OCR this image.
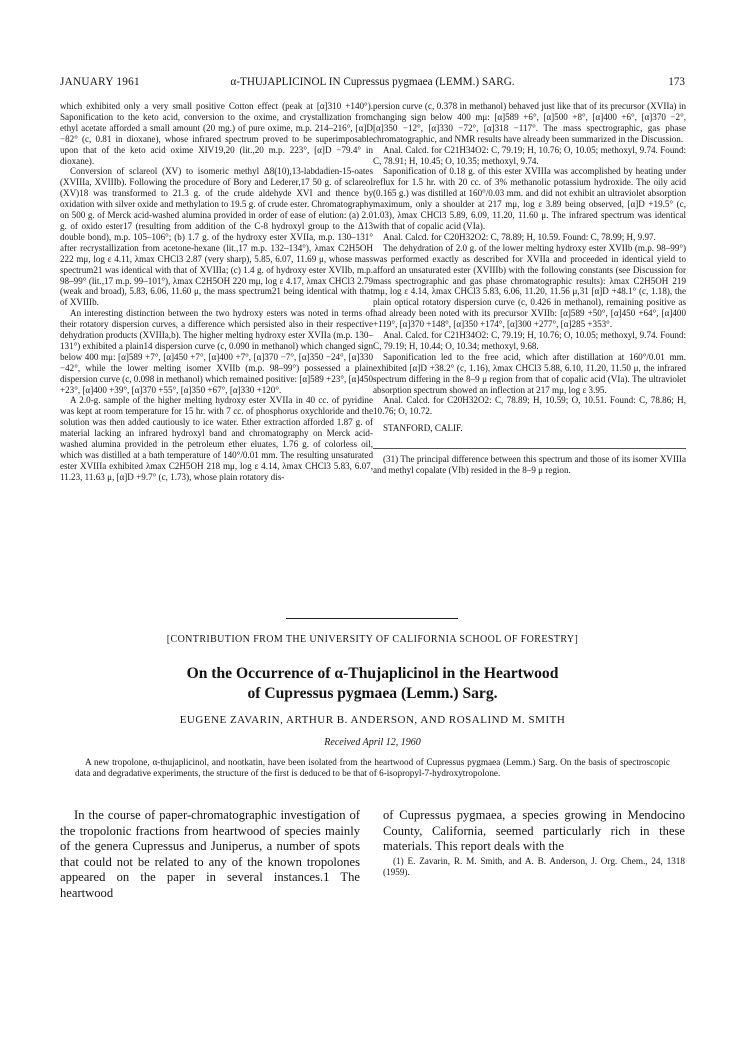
JANUARY 1961	α-THUJAPLICINOL IN Cupressus pygmaea (LEMM.) SARG.	173

which exhibited only a very small positive Cotton effect (peak at [α]310 +140°). Saponification to the keto acid, conversion to the oxime, and crystallization from ethyl acetate afforded a small amount (20 mg.) of pure oxime, m.p. 214–216°, [α]D −82° (c, 0.81 in dioxane), whose infrared spectrum proved to be superimposable upon that of the keto acid oxime XIV19,20 (lit.,20 m.p. 223°, [α]D −79.4° in dioxane).

Conversion of sclareol (XV) to isomeric methyl Δ8(10),13-labdadien-15-oates (XVIIIa, XVIIIb). Following the procedure of Bory and Lederer,17 50 g. of sclareol (XV)18 was transformed to 21.3 g. of the crude aldehyde XVI and thence by oxidation with silver oxide and methylation to 19.5 g. of crude ester. Chromatography on 500 g. of Merck acid-washed alumina provided in order of ease of elution: (a) 2.0 g. of oxido ester17 (resulting from addition of the C-8 hydroxyl group to the Δ13 double bond), m.p. 105–106°; (b) 1.7 g. of the hydroxy ester XVIIa, m.p. 130–131° after recrystallization from acetone-hexane (lit.,17 m.p. 132–134°), λmax C2H5OH 222 mμ, log ε 4.11, λmax CHCl3 2.87 (very sharp), 5.85, 6.07, 11.69 μ, whose mass spectrum21 was identical with that of XVIIIa; (c) 1.4 g. of hydroxy ester XVIIb, m.p. 98–99° (lit.,17 m.p. 99–101°), λmax C2H5OH 220 mμ, log ε 4.17, λmax CHCl3 2.79 (weak and broad), 5.83, 6.06, 11.60 μ, the mass spectrum21 being identical with that of XVIIIb.

An interesting distinction between the two hydroxy esters was noted in terms of their rotatory dispersion curves, a difference which persisted also in their respective dehydration products (XVIIIa,b). The higher melting hydroxy ester XVIIa (m.p. 130–131°) exhibited a plain14 dispersion curve (c, 0.090 in methanol) which changed sign below 400 mμ: [α]589 +7°, [α]450 +7°, [α]400 +7°, [α]370 −7°, [α]350 −24°, [α]330 −42°, while the lower melting isomer XVIIb (m.p. 98–99°) possessed a plain dispersion curve (c, 0.098 in methanol) which remained positive: [α]589 +23°, [α]450 +23°, [α]400 +39°, [α]370 +55°, [α]350 +67°, [α]330 +120°.

A 2.0-g. sample of the higher melting hydroxy ester XVIIa in 40 cc. of pyridine was kept at room temperature for 15 hr. with 7 cc. of phosphorus oxychloride and the solution was then added cautiously to ice water. Ether extraction afforded 1.87 g. of material lacking an infrared hydroxyl band and chromatography on Merck acid-washed alumina provided in the petroleum ether eluates, 1.76 g. of colorless oil, which was distilled at a bath temperature of 140°/0.01 mm. The resulting unsaturated ester XVIIIa exhibited λmax C2H5OH 218 mμ, log ε 4.14, λmax CHCl3 5.83, 6.07, 11.23, 11.63 μ, [α]D +9.7° (c, 1.73), whose plain rotatory dis-

persion curve (c, 0.378 in methanol) behaved just like that of its precursor (XVIIa) in changing sign below 400 mμ: [α]589 +6°, [α]500 +8°, [α]400 +6°, [α]370 −2°, [α]350 −12°, [α]330 −72°, [α]318 −117°. The mass spectrographic, gas phase chromatographic, and NMR results have already been summarized in the Discussion.

Anal. Calcd. for C21H34O2: C, 79.19; H, 10.76; O, 10.05; methoxyl, 9.74. Found: C, 78.91; H, 10.45; O, 10.35; methoxyl, 9.74.

Saponification of 0.18 g. of this ester XVIIIa was accomplished by heating under reflux for 1.5 hr. with 20 cc. of 3% methanolic potassium hydroxide. The oily acid (0.165 g.) was distilled at 160°/0.03 mm. and did not exhibit an ultraviolet absorption maximum, only a shoulder at 217 mμ, log ε 3.89 being observed, [α]D +19.5° (c, 1.03), λmax CHCl3 5.89, 6.09, 11.20, 11.60 μ. The infrared spectrum was identical with that of copalic acid (VIa).

Anal. Calcd. for C20H32O2: C, 78.89; H, 10.59. Found: C, 78.99; H, 9.97.

The dehydration of 2.0 g. of the lower melting hydroxy ester XVIIb (m.p. 98–99°) was performed exactly as described for XVIIa and proceeded in identical yield to afford an unsaturated ester (XVIIIb) with the following constants (see Discussion for mass spectrographic and gas phase chromatographic results): λmax C2H5OH 219 mμ, log ε 4.14, λmax CHCl3 5.83, 6.06, 11.20, 11.56 μ,31 [α]D +48.1° (c, 1.18), the plain optical rotatory dispersion curve (c, 0.426 in methanol), remaining positive as had already been noted with its precursor XVIIb: [α]589 +50°, [α]450 +64°, [α]400 +119°, [α]370 +148°, [α]350 +174°, [α]300 +277°, [α]285 +353°.

Anal. Calcd. for C21H34O2: C, 79.19; H, 10.76; O, 10.05; methoxyl, 9.74. Found: C, 79.19; H, 10.44; O, 10.34; methoxyl, 9.68.

Saponification led to the free acid, which after distillation at 160°/0.01 mm. exhibited [α]D +38.2° (c, 1.16), λmax CHCl3 5.88, 6.10, 11.20, 11.50 μ, the infrared spectrum differing in the 8–9 μ region from that of copalic acid (VIa). The ultraviolet absorption spectrum showed an inflection at 217 mμ, log ε 3.95.

Anal. Calcd. for C20H32O2: C, 78.89; H, 10.59; O, 10.51. Found: C, 78.86; H, 10.76; O, 10.72.

STANFORD, CALIF.

(31) The principal difference between this spectrum and those of its isomer XVIIIa and methyl copalate (VIb) resided in the 8–9 μ region.

[CONTRIBUTION FROM THE UNIVERSITY OF CALIFORNIA SCHOOL OF FORESTRY]
On the Occurrence of α-Thujaplicinol in the Heartwood
of Cupressus pygmaea (Lemm.) Sarg.
EUGENE ZAVARIN, ARTHUR B. ANDERSON, AND ROSALIND M. SMITH
Received April 12, 1960
A new tropolone, α-thujaplicinol, and nootkatin, have been isolated from the heartwood of Cupressus pygmaea (Lemm.) Sarg. On the basis of spectroscopic data and degradative experiments, the structure of the first is deduced to be that of 6-isopropyl-7-hydroxytropolone.
In the course of paper-chromatographic investigation of the tropolonic fractions from heartwood of species mainly of the genera Cupressus and Juniperus, a number of spots that could not be related to any of the known tropolones appeared on the paper in several instances.1 The heartwood
of Cupressus pygmaea, a species growing in Mendocino County, California, seemed particularly rich in these materials. This report deals with the
(1) E. Zavarin, R. M. Smith, and A. B. Anderson, J. Org. Chem., 24, 1318 (1959).
